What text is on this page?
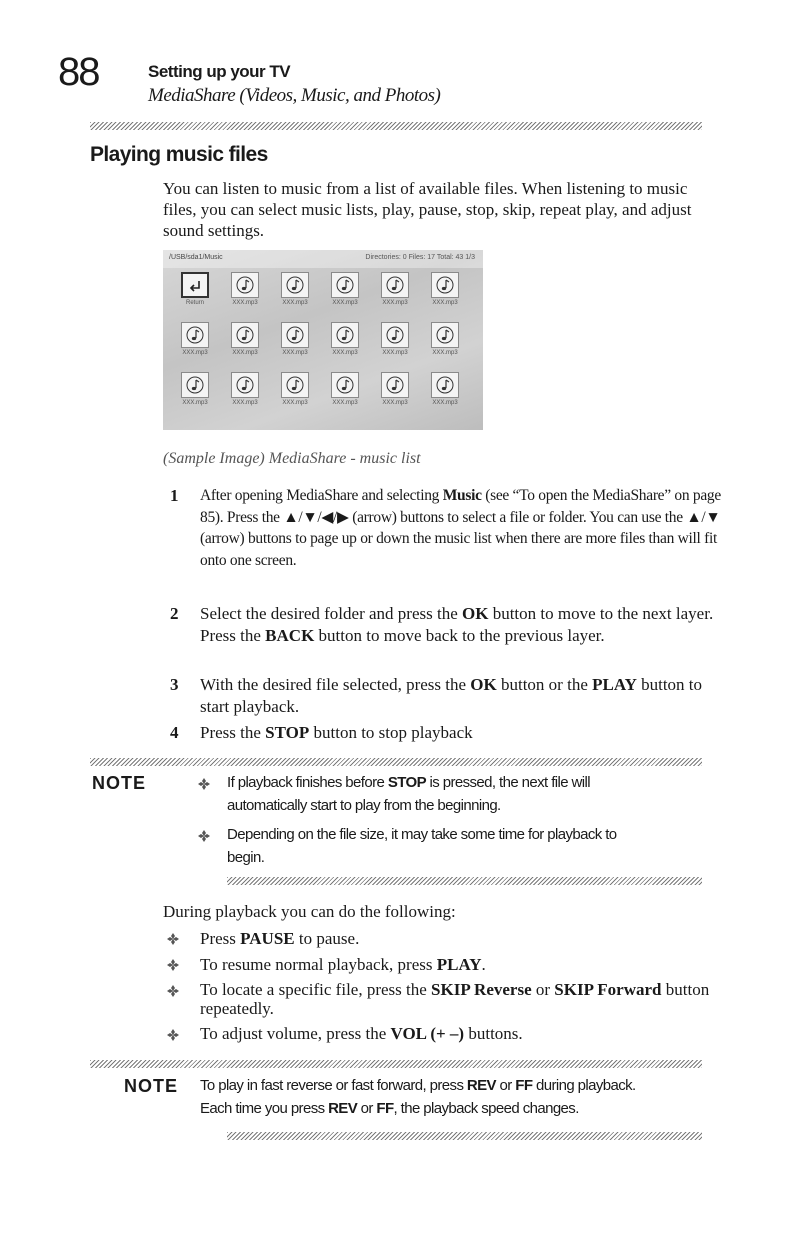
88	Setting up your TV
MediaShare (Videos, Music, and Photos)
Playing music files
You can listen to music from a list of available files. When listening to music files, you can select music lists, play, pause, stop, skip, repeat play, and adjust sound settings.
/USB/sda1/Music	Directories: 0 Files: 17 Total: 43 1/3
Return	XXX.mp3	XXX.mp3	XXX.mp3	XXX.mp3	XXX.mp3
XXX.mp3	XXX.mp3	XXX.mp3	XXX.mp3	XXX.mp3	XXX.mp3
XXX.mp3	XXX.mp3	XXX.mp3	XXX.mp3	XXX.mp3	XXX.mp3
(Sample Image) MediaShare - music list
1 After opening MediaShare and selecting Music (see “To open the MediaShare” on page 85). Press the ▲/▼/◀/▶ (arrow) buttons to select a file or folder. You can use the ▲/▼ (arrow) buttons to page up or down the music list when there are more files than will fit onto one screen.
2 Select the desired folder and press the OK button to move to the next layer. Press the BACK button to move back to the previous layer.
3 With the desired file selected, press the OK button or the PLAY button to start playback.
4 Press the STOP button to stop playback
NOTE	If playback finishes before STOP is pressed, the next file will
automatically start to play from the beginning.
Depending on the file size, it may take some time for playback to
begin.
During playback you can do the following:
Press PAUSE to pause.
To resume normal playback, press PLAY.
To locate a specific file, press the SKIP Reverse or SKIP Forward button repeatedly.
To adjust volume, press the VOL (+ –) buttons.
NOTE To play in fast reverse or fast forward, press REV or FF during playback.
Each time you press REV or FF, the playback speed changes.
